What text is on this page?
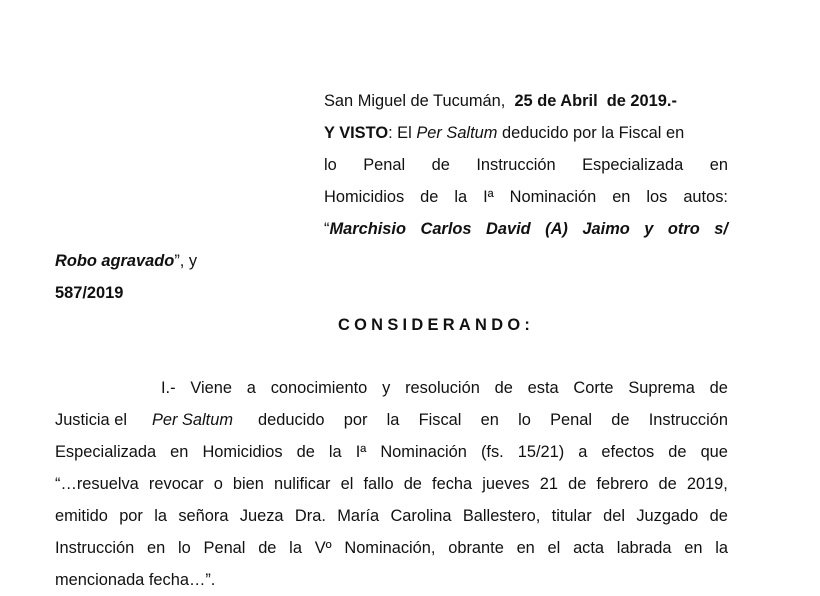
San Miguel de Tucumán, 25 de Abril de 2019.-
Y VISTO: El Per Saltum deducido por la Fiscal en
lo Penal de Instrucción Especializada en
Homicidios de la Iª Nominación en los autos:
“ Marchisio Carlos David (A) Jaimo y otro s/
Robo agravado”, y
587/2019
CONSIDERANDO:
I.- Viene a conocimiento y resolución de esta Corte Suprema de
Justicia el Per Saltum deducido por la Fiscal en lo Penal de Instrucción
Especializada en Homicidios de la Iª Nominación (fs. 15/21) a efectos de que
“…resuelva revocar o bien nulificar el fallo de fecha jueves 21 de febrero de 2019,
emitido por la señora Jueza Dra. María Carolina Ballestero, titular del Juzgado de
Instrucción en lo Penal de la Vº Nominación, obrante en el acta labrada en la
mencionada fecha…”.
